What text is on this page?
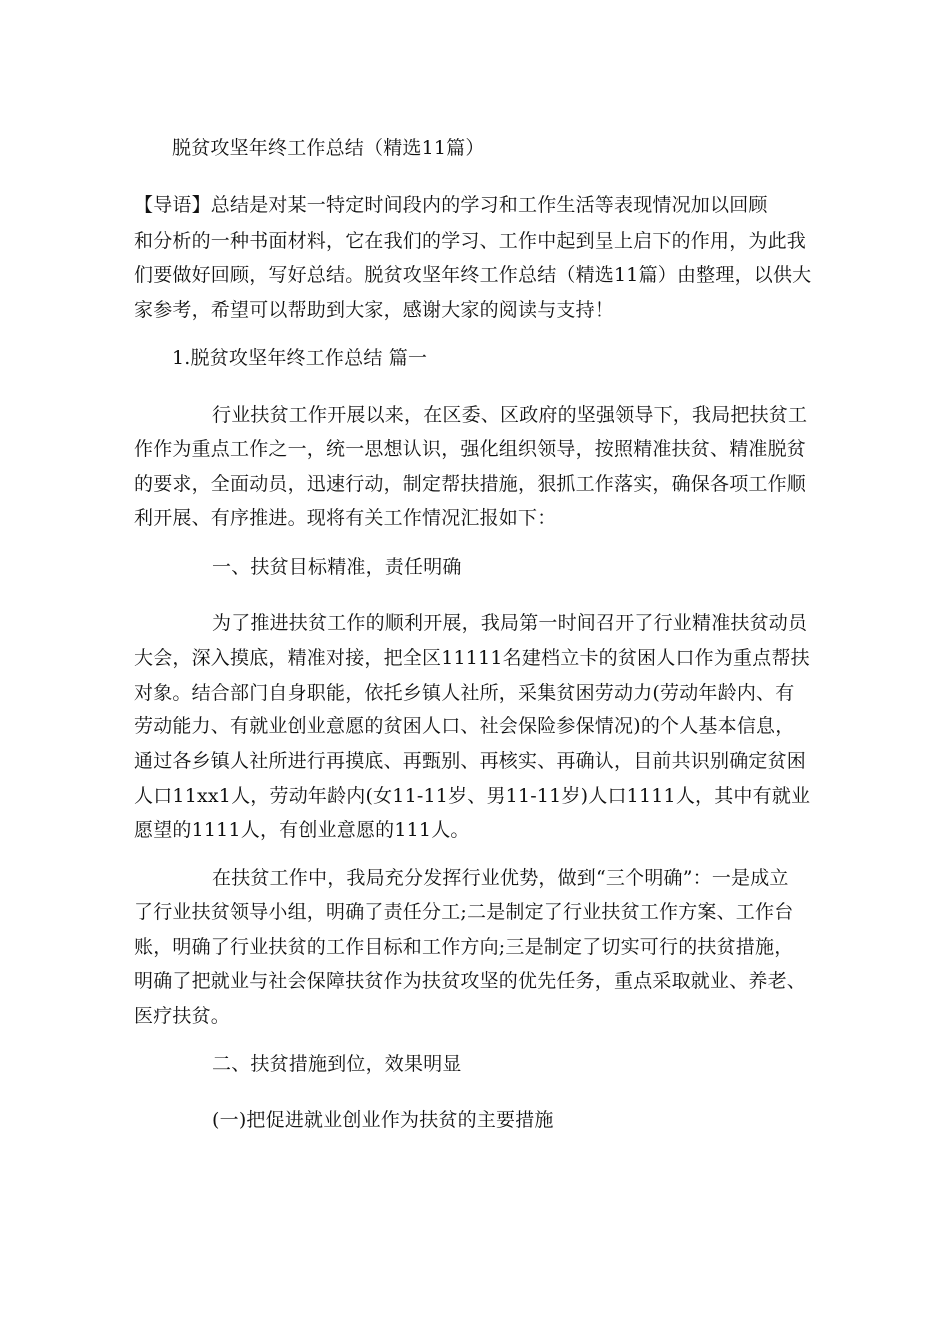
脱贫攻坚年终工作总结（精选11篇）
【导语】总结是对某一特定时间段内的学习和工作生活等表现情况加以回顾
和分析的一种书面材料，它在我们的学习、工作中起到呈上启下的作用，为此我
们要做好回顾，写好总结。脱贫攻坚年终工作总结（精选11篇）由整理，以供大
家参考，希望可以帮助到大家，感谢大家的阅读与支持！
1.脱贫攻坚年终工作总结 篇一
行业扶贫工作开展以来，在区委、区政府的坚强领导下，我局把扶贫工
作作为重点工作之一，统一思想认识，强化组织领导，按照精准扶贫、精准脱贫
的要求，全面动员，迅速行动，制定帮扶措施，狠抓工作落实，确保各项工作顺
利开展、有序推进。现将有关工作情况汇报如下：
一、扶贫目标精准，责任明确
为了推进扶贫工作的顺利开展，我局第一时间召开了行业精准扶贫动员
大会，深入摸底，精准对接，把全区11111名建档立卡的贫困人口作为重点帮扶
对象。结合部门自身职能，依托乡镇人社所，采集贫困劳动力(劳动年龄内、有
劳动能力、有就业创业意愿的贫困人口、社会保险参保情况)的个人基本信息，
通过各乡镇人社所进行再摸底、再甄别、再核实、再确认，目前共识别确定贫困
人口11xx1人，劳动年龄内(女11-11岁、男11-11岁)人口1111人，其中有就业
愿望的1111人，有创业意愿的111人。
在扶贫工作中，我局充分发挥行业优势，做到“三个明确”：一是成立
了行业扶贫领导小组，明确了责任分工;二是制定了行业扶贫工作方案、工作台
账，明确了行业扶贫的工作目标和工作方向;三是制定了切实可行的扶贫措施，
明确了把就业与社会保障扶贫作为扶贫攻坚的优先任务，重点采取就业、养老、
医疗扶贫。
二、扶贫措施到位，效果明显
(一)把促进就业创业作为扶贫的主要措施
